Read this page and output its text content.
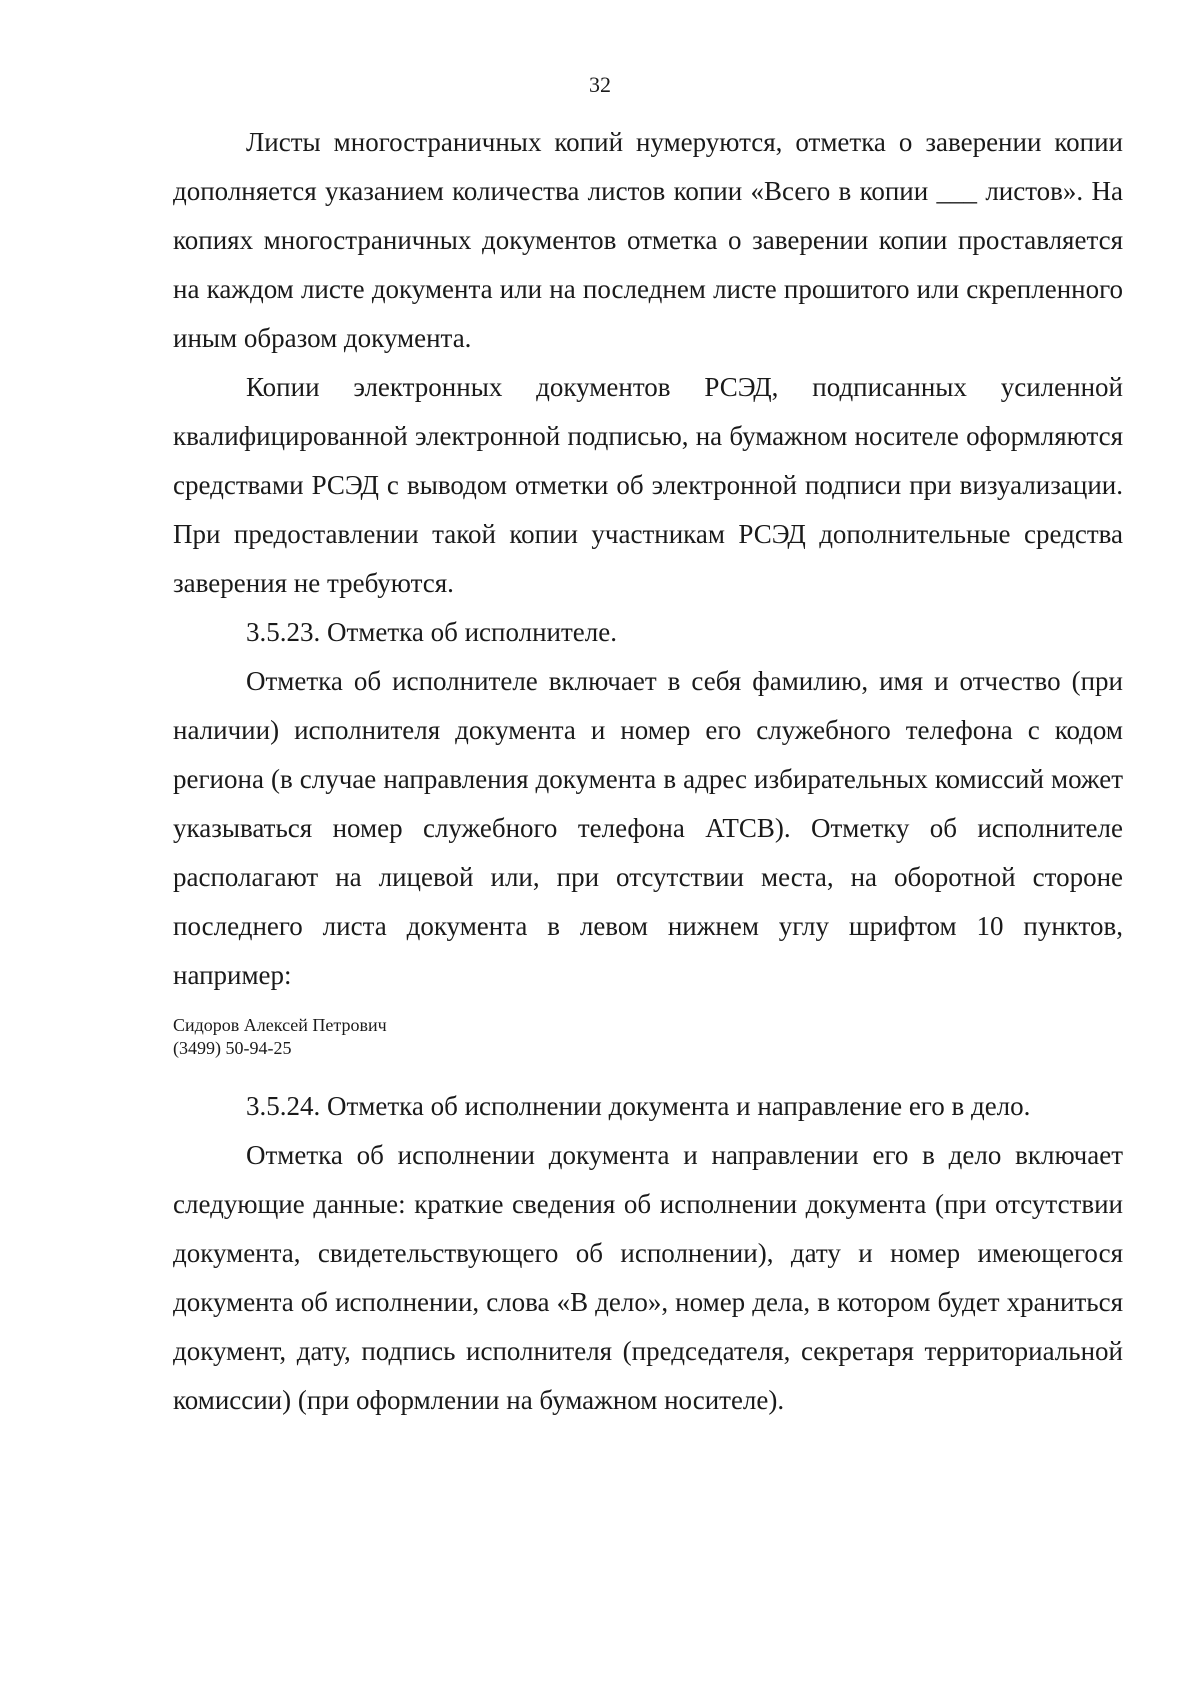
32

Листы многостраничных копий нумеруются, отметка о заверении копии дополняется указанием количества листов копии «Всего в копии ___ листов». На копиях многостраничных документов отметка о заверении копии проставляется на каждом листе документа или на последнем листе прошитого или скрепленного иным образом документа.

Копии электронных документов РСЭД, подписанных усиленной квалифицированной электронной подписью, на бумажном носителе оформляются средствами РСЭД с выводом отметки об электронной подписи при визуализации. При предоставлении такой копии участникам РСЭД дополнительные средства заверения не требуются.

3.5.23. Отметка об исполнителе.

Отметка об исполнителе включает в себя фамилию, имя и отчество (при наличии) исполнителя документа и номер его служебного телефона с кодом региона (в случае направления документа в адрес избирательных комиссий может указываться номер служебного телефона АТСВ). Отметку об исполнителе располагают на лицевой или, при отсутствии места, на оборотной стороне последнего листа документа в левом нижнем углу шрифтом 10 пунктов, например:

Сидоров Алексей Петрович
(3499) 50-94-25

3.5.24. Отметка об исполнении документа и направление его в дело.

Отметка об исполнении документа и направлении его в дело включает следующие данные: краткие сведения об исполнении документа (при отсутствии документа, свидетельствующего об исполнении), дату и номер имеющегося документа об исполнении, слова «В дело», номер дела, в котором будет храниться документ, дату, подпись исполнителя (председателя, секретаря территориальной комиссии) (при оформлении на бумажном носителе).
